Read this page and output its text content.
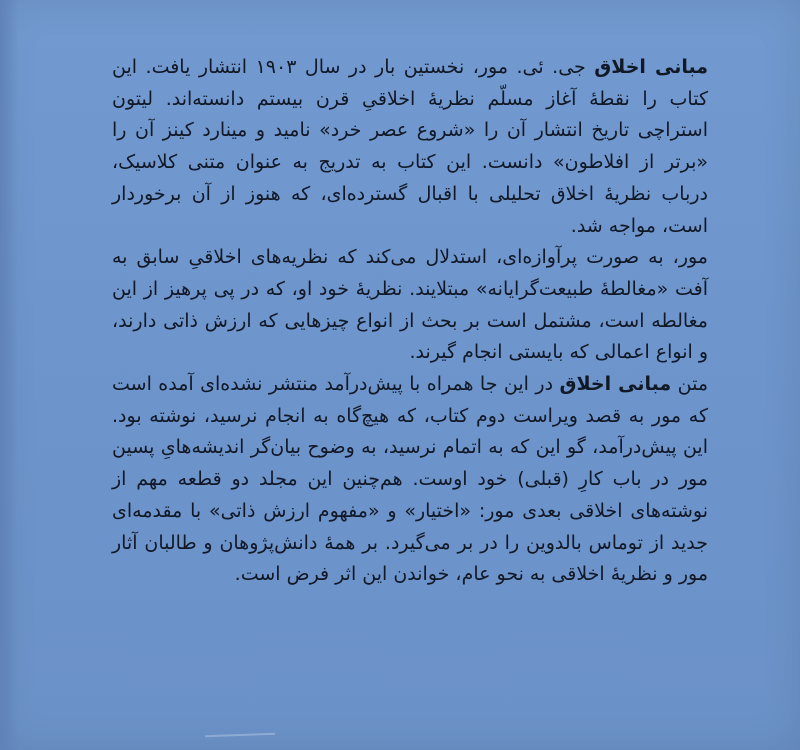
مبانی اخلاق جی. ئی. مور، نخستین بار در سال ۱۹۰۳ انتشار یافت. این کتاب را نقطهٔ آغاز مسلّم نظریهٔ اخلاقیِ قرن بیستم دانسته‌اند. لیتون استراچی تاریخ انتشار آن را «شروع عصر خرد» نامید و مینارد کینز آن را «برتر از افلاطون» دانست. این کتاب به تدریج به عنوان متنی کلاسیک، درباب نظریهٔ اخلاق تحلیلی با اقبال گسترده‌ای، که هنوز از آن برخوردار است، مواجه شد.

مور، به صورت پرآوازه‌ای، استدلال می‌کند که نظریه‌های اخلاقیِ سابق به آفت «مغالطهٔ طبیعت‌گرایانه» مبتلایند. نظریهٔ خود او، که در پی پرهیز از این مغالطه است، مشتمل است بر بحث از انواع چیزهایی که ارزش ذاتی دارند، و انواع اعمالی که بایستی انجام گیرند.

متن مبانی اخلاق در این جا همراه با پیش‌درآمد منتشر نشده‌ای آمده است که مور به قصد ویراست دوم کتاب، که هیچ‌گاه به انجام نرسید، نوشته بود. این پیش‌درآمد، گو این که به اتمام نرسید، به وضوح بیان‌گر اندیشه‌هایِ پسین مور در باب کارِ (قبلی) خود اوست. هم‌چنین این مجلد دو قطعه مهم از نوشته‌های اخلاقی بعدی مور: «اختیار» و «مفهوم ارزش ذاتی» با مقدمه‌ای جدید از توماس بالدوین را در بر می‌گیرد. بر همهٔ دانش‌پژوهان و طالبان آثار مور و نظریهٔ اخلاقی به نحو عام، خواندن این اثر فرض است.
